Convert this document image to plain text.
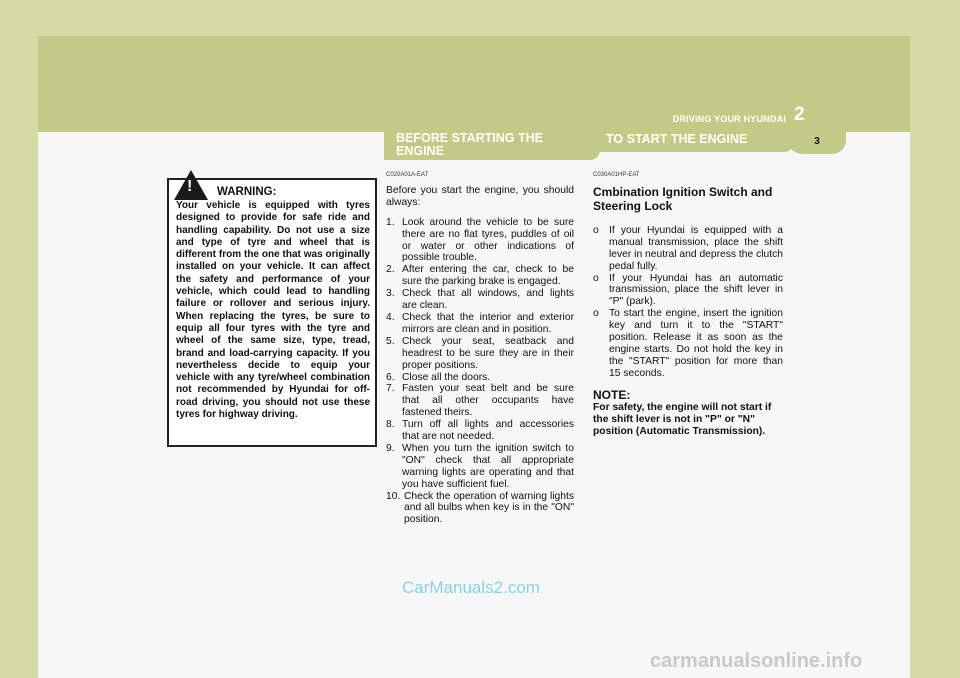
DRIVING YOUR HYUNDAI 2
3
BEFORE STARTING THE ENGINE
TO START THE ENGINE
! WARNING:
Your vehicle is equipped with tyres designed to provide for safe ride and handling capability. Do not use a size and type of tyre and wheel that is different from the one that was originally installed on your vehicle. It can affect the safety and performance of your vehicle, which could lead to handling failure or rollover and serious injury. When replacing the tyres, be sure to equip all four tyres with the tyre and wheel of the same size, type, tread, brand and load-carrying capacity. If you nevertheless decide to equip your vehicle with any tyre/wheel combination not recommended by Hyundai for off-road driving, you should not use these tyres for highway driving.
C020A01A-EAT
Before you start the engine, you should always:
1. Look around the vehicle to be sure there are no flat tyres, puddles of oil or water or other indications of possible trouble.
2. After entering the car, check to be sure the parking brake is engaged.
3. Check that all windows, and lights are clean.
4. Check that the interior and exterior mirrors are clean and in position.
5. Check your seat, seatback and headrest to be sure they are in their proper positions.
6. Close all the doors.
7. Fasten your seat belt and be sure that all other occupants have fastened theirs.
8. Turn off all lights and accessories that are not needed.
9. When you turn the ignition switch to "ON" check that all appropriate warning lights are operating and that you have sufficient fuel.
10. Check the operation of warning lights and all bulbs when key is in the "ON" position.
C030A01HP-EAT
Cmbination Ignition Switch and Steering Lock
o If your Hyundai is equipped with a manual transmission, place the shift lever in neutral and depress the clutch pedal fully.
o If your Hyundai has an automatic transmission, place the shift lever in "P" (park).
o To start the engine, insert the ignition key and turn it to the "START" position. Release it as soon as the engine starts. Do not hold the key in the "START" position for more than 15 seconds.
NOTE:
For safety, the engine will not start if the shift lever is not in "P" or "N" position (Automatic Transmission).
CarManuals2.com
carmanualsonline.info
